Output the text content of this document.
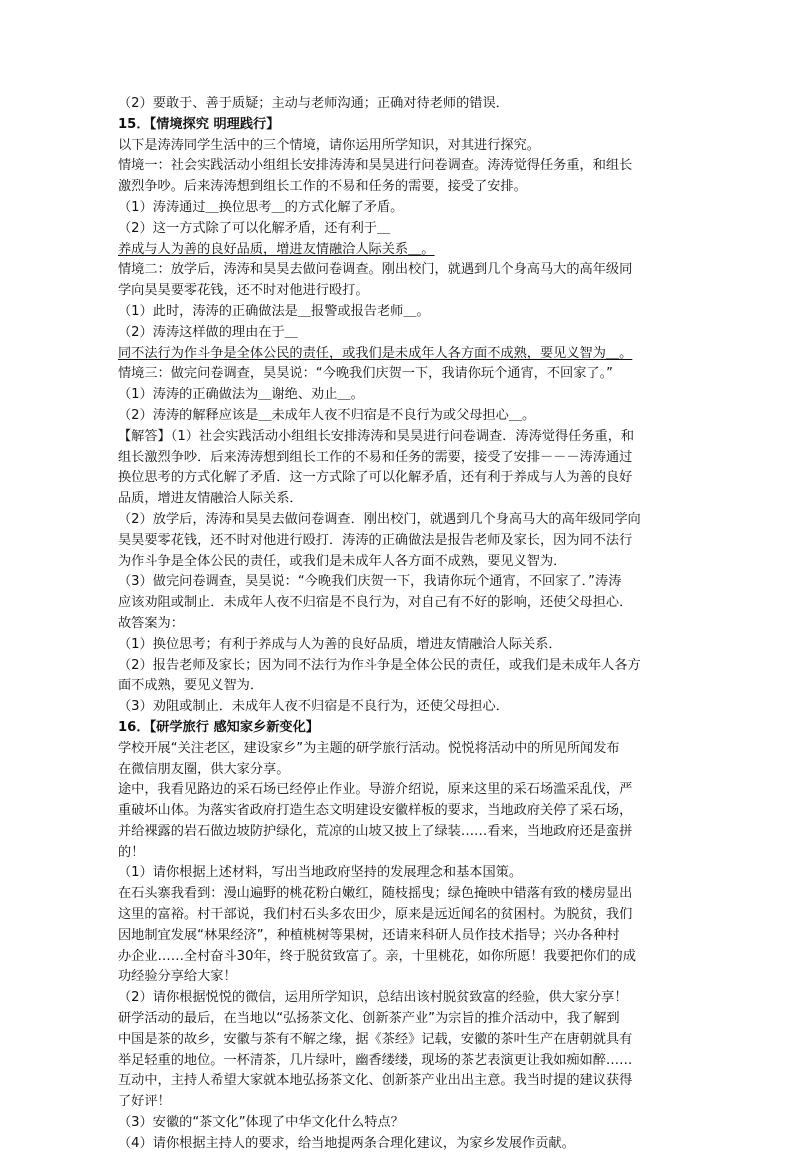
（2）要敢于、善于质疑；主动与老师沟通；正确对待老师的错误．
15．【情境探究 明理践行】
以下是涛涛同学生活中的三个情境，请你运用所学知识，对其进行探究。
情境一：社会实践活动小组组长安排涛涛和昊昊进行问卷调查。涛涛觉得任务重，和组长
激烈争吵。后来涛涛想到组长工作的不易和任务的需要，接受了安排。
（1）涛涛通过＿换位思考＿的方式化解了矛盾。
（2）这一方式除了可以化解矛盾，还有利于＿
养成与人为善的良好品质，增进友情融洽人际关系＿。
情境二：放学后，涛涛和昊昊去做问卷调查。刚出校门，就遇到几个身高马大的高年级同
学向昊昊要零花钱，还不时对他进行殴打。
（1）此时，涛涛的正确做法是＿报警或报告老师＿。
（2）涛涛这样做的理由在于＿
同不法行为作斗争是全体公民的责任，或我们是未成年人各方面不成熟，要见义智为＿。
情境三：做完问卷调查，昊昊说：“今晚我们庆贺一下，我请你玩个通宵，不回家了。”
（1）涛涛的正确做法为＿谢绝、劝止＿。
（2）涛涛的解释应该是＿未成年人夜不归宿是不良行为或父母担心＿。
【解答】（1）社会实践活动小组组长安排涛涛和昊昊进行问卷调查．涛涛觉得任务重，和
组长激烈争吵．后来涛涛想到组长工作的不易和任务的需要，接受了安排－－－涛涛通过
换位思考的方式化解了矛盾．这一方式除了可以化解矛盾，还有利于养成与人为善的良好
品质，增进友情融洽人际关系．
（2）放学后，涛涛和昊昊去做问卷调查．刚出校门，就遇到几个身高马大的高年级同学向
昊昊要零花钱，还不时对他进行殴打．涛涛的正确做法是报告老师及家长，因为同不法行
为作斗争是全体公民的责任，或我们是未成年人各方面不成熟，要见义智为．
（3）做完问卷调查，昊昊说：“今晚我们庆贺一下，我请你玩个通宵，不回家了．”涛涛
应该劝阻或制止．未成年人夜不归宿是不良行为，对自己有不好的影响，还使父母担心．
故答案为：
（1）换位思考；有利于养成与人为善的良好品质，增进友情融洽人际关系．
（2）报告老师及家长；因为同不法行为作斗争是全体公民的责任，或我们是未成年人各方
面不成熟，要见义智为．
（3）劝阻或制止．未成年人夜不归宿是不良行为，还使父母担心．
16．【研学旅行 感知家乡新变化】
学校开展“关注老区，建设家乡”为主题的研学旅行活动。悦悦将活动中的所见所闻发布
在微信朋友圈，供大家分享。
途中，我看见路边的采石场已经停止作业。导游介绍说，原来这里的采石场滥采乱伐，严
重破坏山体。为落实省政府打造生态文明建设安徽样板的要求，当地政府关停了采石场，
并给裸露的岩石做边坡防护绿化，荒凉的山坡又披上了绿装……看来，当地政府还是蛮拼
的！
（1）请你根据上述材料，写出当地政府坚持的发展理念和基本国策。
在石头寨我看到：漫山遍野的桃花粉白嫩红，随枝摇曳；绿色掩映中错落有致的楼房显出
这里的富裕。村干部说，我们村石头多农田少，原来是远近闻名的贫困村。为脱贫，我们
因地制宜发展“林果经济”，种植桃树等果树，还请来科研人员作技术指导；兴办各种村
办企业……全村奋斗30年，终于脱贫致富了。亲，十里桃花，如你所愿！我要把你们的成
功经验分享给大家！
（2）请你根据悦悦的微信，运用所学知识，总结出该村脱贫致富的经验，供大家分享！
研学活动的最后，在当地以“弘扬茶文化、创新茶产业”为宗旨的推介活动中，我了解到
中国是茶的故乡，安徽与茶有不解之缘，据《茶经》记载，安徽的茶叶生产在唐朝就具有
举足轻重的地位。一杯清茶，几片绿叶，幽香缕缕，现场的茶艺表演更让我如痴如醉……
互动中，主持人希望大家就本地弘扬茶文化、创新茶产业出出主意。我当时提的建议获得
了好评！
（3）安徽的“茶文化”体现了中华文化什么特点？
（4）请你根据主持人的要求，给当地提两条合理化建议，为家乡发展作贡献。
